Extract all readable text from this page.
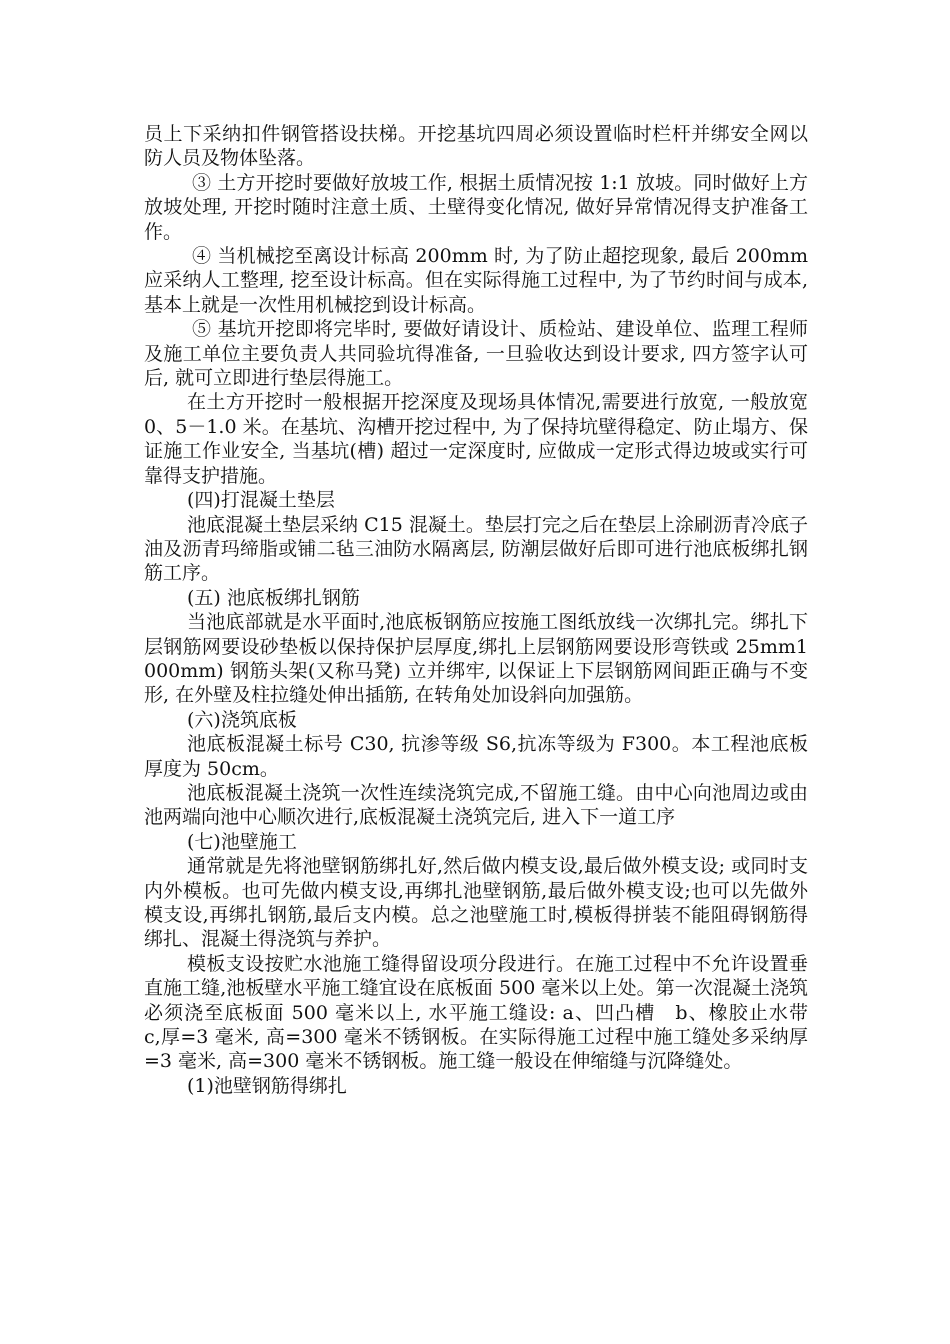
员上下采纳扣件钢管搭设扶梯。开挖基坑四周必须设置临时栏杆并绑安全网以防人员及物体坠落。

③ 土方开挖时要做好放坡工作, 根据土质情况按 1:1 放坡。同时做好上方放坡处理, 开挖时随时注意土质、土壁得变化情况, 做好异常情况得支护准备工作。

④ 当机械挖至离设计标高 200mm 时, 为了防止超挖现象, 最后 200mm 应采纳人工整理, 挖至设计标高。但在实际得施工过程中, 为了节约时间与成本, 基本上就是一次性用机械挖到设计标高。

⑤ 基坑开挖即将完毕时, 要做好请设计、质检站、建设单位、监理工程师及施工单位主要负责人共同验坑得准备, 一旦验收达到设计要求, 四方签字认可后, 就可立即进行垫层得施工。

在土方开挖时一般根据开挖深度及现场具体情况,需要进行放宽, 一般放宽 0、5－1.0 米。在基坑、沟槽开挖过程中, 为了保持坑壁得稳定、防止塌方、保证施工作业安全, 当基坑(槽) 超过一定深度时, 应做成一定形式得边坡或实行可靠得支护措施。

(四)打混凝土垫层

池底混凝土垫层采纳 C15 混凝土。垫层打完之后在垫层上涂刷沥青冷底子油及沥青玛缔脂或铺二毡三油防水隔离层, 防潮层做好后即可进行池底板绑扎钢筋工序。

(五) 池底板绑扎钢筋

当池底部就是水平面时,池底板钢筋应按施工图纸放线一次绑扎完。绑扎下层钢筋网要设砂垫板以保持保护层厚度,绑扎上层钢筋网要设形弯铁或 25mm1000mm) 钢筋头架(又称马凳) 立并绑牢, 以保证上下层钢筋网间距正确与不变形, 在外壁及柱拉缝处伸出插筋, 在转角处加设斜向加强筋。

(六)浇筑底板

池底板混凝土标号 C30, 抗渗等级 S6,抗冻等级为 F300。本工程池底板厚度为 50cm。

池底板混凝土浇筑一次性连续浇筑完成,不留施工缝。由中心向池周边或由池两端向池中心顺次进行,底板混凝土浇筑完后, 进入下一道工序

(七)池壁施工

通常就是先将池壁钢筋绑扎好,然后做内模支设,最后做外模支设; 或同时支内外模板。也可先做内模支设,再绑扎池壁钢筋,最后做外模支设;也可以先做外模支设,再绑扎钢筋,最后支内模。总之池壁施工时,模板得拼装不能阻碍钢筋得绑扎、混凝土得浇筑与养护。

模板支设按贮水池施工缝得留设项分段进行。在施工过程中不允许设置垂直施工缝,池板壁水平施工缝宜设在底板面 500 毫米以上处。第一次混凝土浇筑必须浇至底板面 500 毫米以上, 水平施工缝设: a、凹凸槽　b、橡胶止水带　c,厚=3 毫米, 高=300 毫米不锈钢板。在实际得施工过程中施工缝处多采纳厚=3 毫米, 高=300 毫米不锈钢板。施工缝一般设在伸缩缝与沉降缝处。

(1)池壁钢筋得绑扎
